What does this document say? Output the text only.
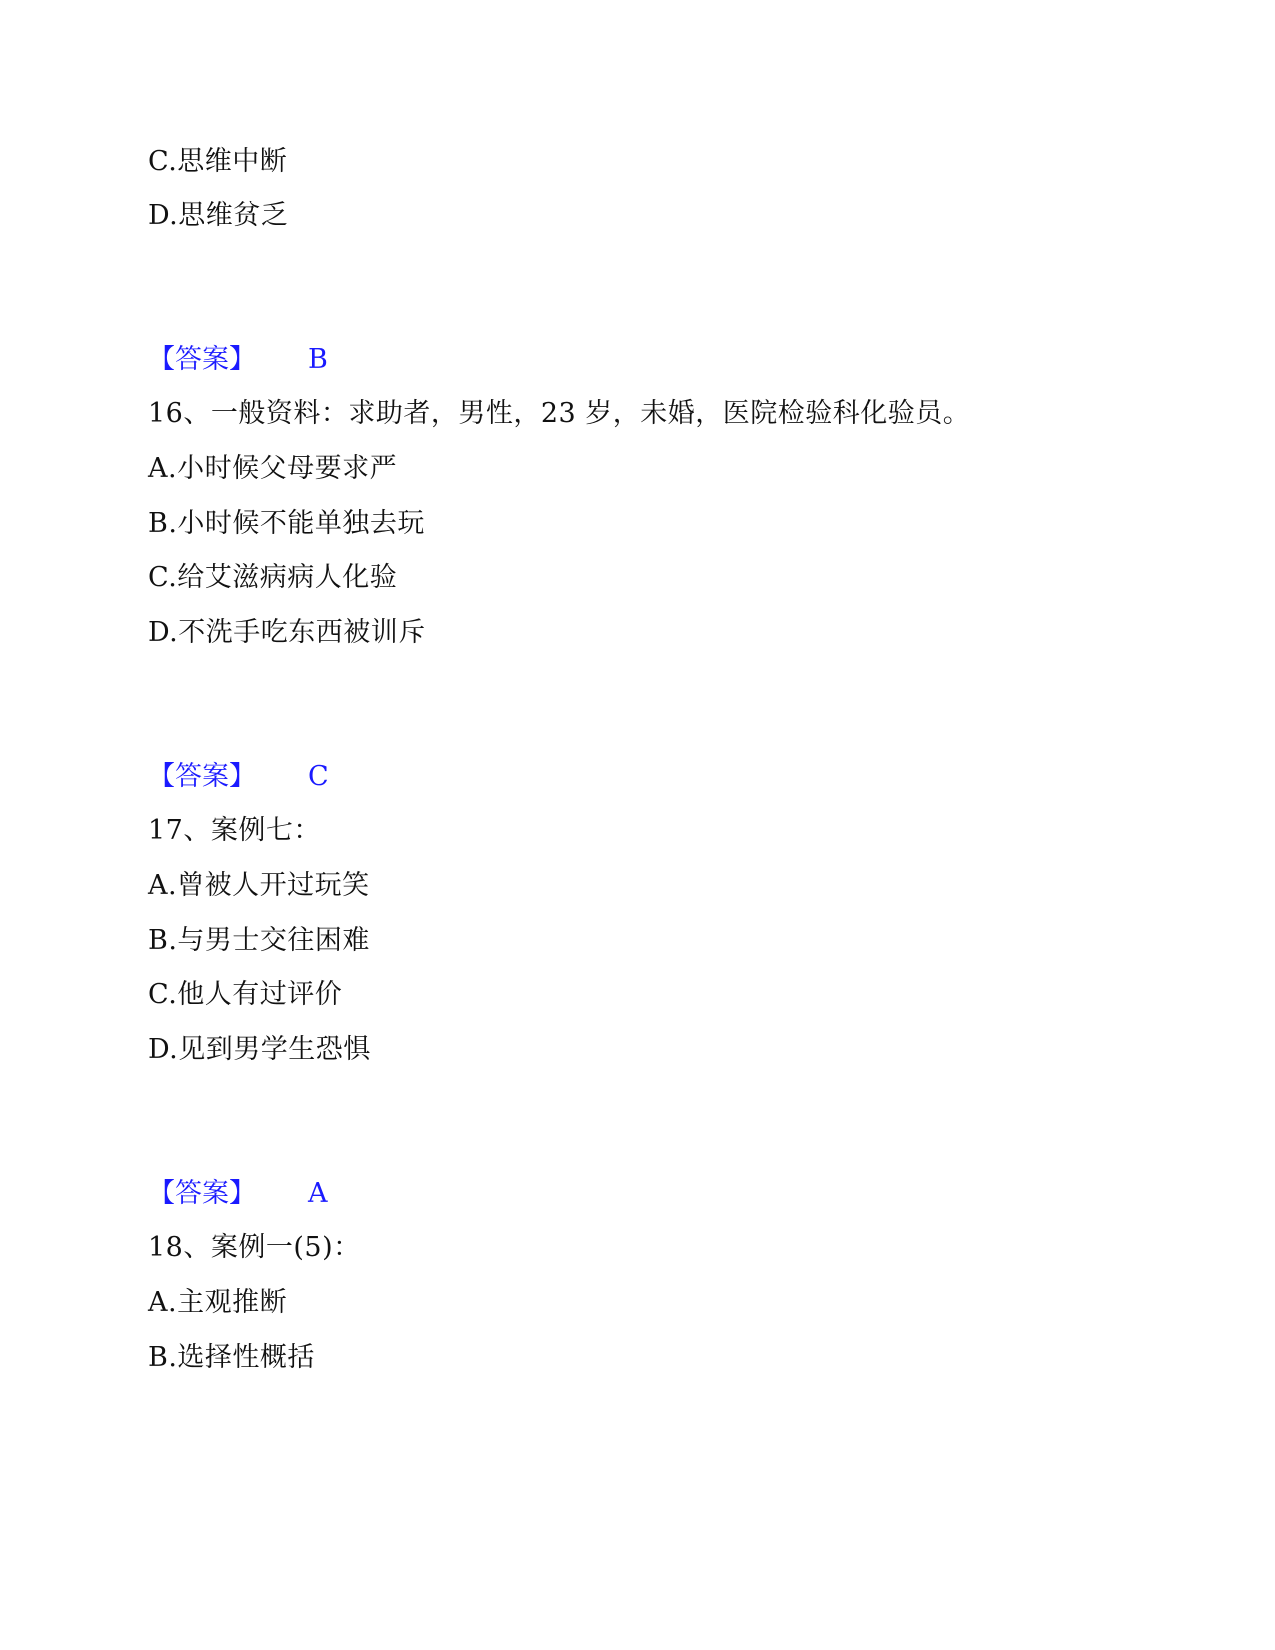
C.思维中断
D.思维贫乏
【答案】 B
16、一般资料：求助者，男性，23 岁，未婚，医院检验科化验员。
A.小时候父母要求严
B.小时候不能单独去玩
C.给艾滋病病人化验
D.不洗手吃东西被训斥
【答案】 C
17、案例七：
A.曾被人开过玩笑
B.与男士交往困难
C.他人有过评价
D.见到男学生恐惧
【答案】 A
18、案例一(5)：
A.主观推断
B.选择性概括
